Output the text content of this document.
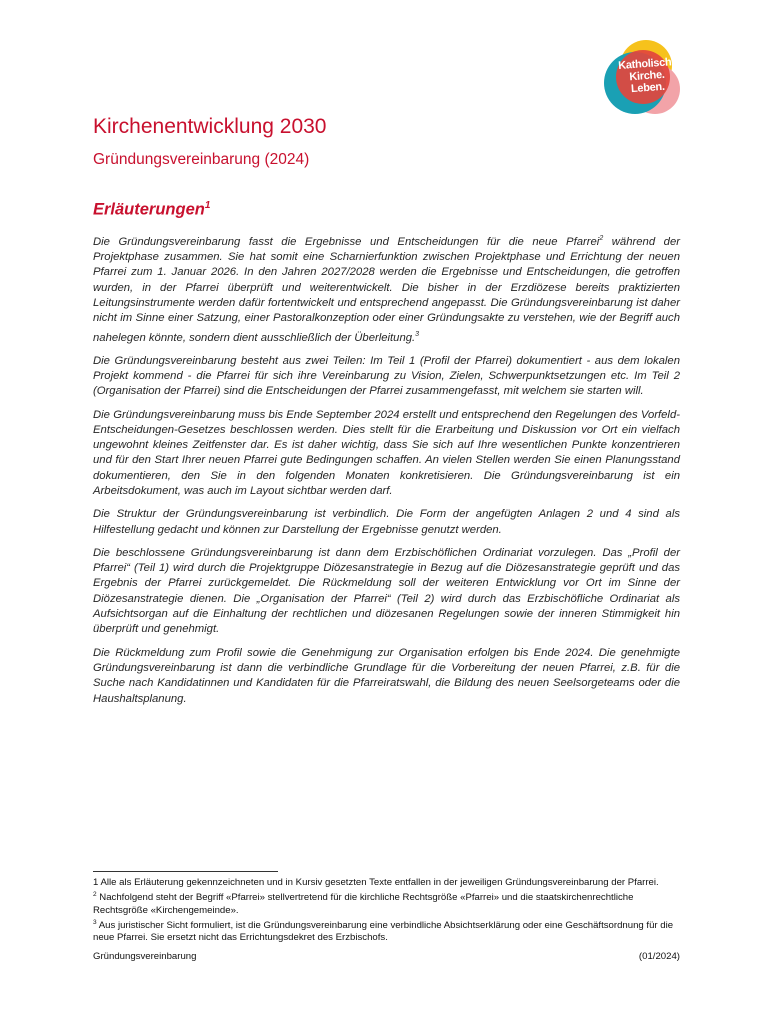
Katholisch.
Kirche.
Leben.
Kirchenentwicklung 2030
Gründungsvereinbarung (2024)
Erläuterungen$^1$

Die Gründungsvereinbarung fasst die Ergebnisse und Entscheidungen für die neue Pfarrei$^2$ während der Projektphase zusammen. Sie hat somit eine Scharnierfunktion zwischen Projektphase und Errichtung der neuen Pfarrei zum 1. Januar 2026. In den Jahren 2027/2028 werden die Ergebnisse und Entscheidungen, die getroffen wurden, in der Pfarrei überprüft und weiterentwickelt. Die bisher in der Erzdiözese bereits praktizierten Leitungsinstrumente werden dafür fortentwickelt und entsprechend angepasst. Die Gründungsvereinbarung ist daher nicht im Sinne einer Satzung, einer Pastoralkonzeption oder einer Gründungsakte zu verstehen, wie der Begriff auch nahelegen könnte, sondern dient ausschließlich der Überleitung.$^3$

Die Gründungsvereinbarung besteht aus zwei Teilen: Im Teil 1 (Profil der Pfarrei) dokumentiert - aus dem lokalen Projekt kommend - die Pfarrei für sich ihre Vereinbarung zu Vision, Zielen, Schwerpunktsetzungen etc. Im Teil 2 (Organisation der Pfarrei) sind die Entscheidungen der Pfarrei zusammengefasst, mit welchem sie starten will.

Die Gründungsvereinbarung muss bis Ende September 2024 erstellt und entsprechend den Regelungen des Vorfeld-Entscheidungen-Gesetzes beschlossen werden. Dies stellt für die Erarbeitung und Diskussion vor Ort ein vielfach ungewohnt kleines Zeitfenster dar. Es ist daher wichtig, dass Sie sich auf Ihre wesentlichen Punkte konzentrieren und für den Start Ihrer neuen Pfarrei gute Bedingungen schaffen. An vielen Stellen werden Sie einen Planungsstand dokumentieren, den Sie in den folgenden Monaten konkretisieren. Die Gründungsvereinbarung ist ein Arbeitsdokument, was auch im Layout sichtbar werden darf.

Die Struktur der Gründungsvereinbarung ist verbindlich. Die Form der angefügten Anlagen 2 und 4 sind als Hilfestellung gedacht und können zur Darstellung der Ergebnisse genutzt werden.

Die beschlossene Gründungsvereinbarung ist dann dem Erzbischöflichen Ordinariat vorzulegen. Das „Profil der Pfarrei“ (Teil 1) wird durch die Projektgruppe Diözesanstrategie in Bezug auf die Diözesanstrategie geprüft und das Ergebnis der Pfarrei zurückgemeldet. Die Rückmeldung soll der weiteren Entwicklung vor Ort im Sinne der Diözesanstrategie dienen. Die „Organisation der Pfarrei“ (Teil 2) wird durch das Erzbischöfliche Ordinariat als Aufsichtsorgan auf die Einhaltung der rechtlichen und diözesanen Regelungen sowie der inneren Stimmigkeit hin überprüft und genehmigt.

Die Rückmeldung zum Profil sowie die Genehmigung zur Organisation erfolgen bis Ende 2024. Die genehmigte Gründungsvereinbarung ist dann die verbindliche Grundlage für die Vorbereitung der neuen Pfarrei, z.B. für die Suche nach Kandidatinnen und Kandidaten für die Pfarreiratswahl, die Bildung des neuen Seelsorgeteams oder die Haushaltsplanung.

1 Alle als Erläuterung gekennzeichneten und in Kursiv gesetzten Texte entfallen in der jeweiligen Gründungsvereinbarung der Pfarrei.

$^2$ Nachfolgend steht der Begriff «Pfarrei» stellvertretend für die kirchliche Rechtsgröße «Pfarrei» und die staatskirchenrechtliche Rechtsgröße «Kirchengemeinde».

$^3$ Aus juristischer Sicht formuliert, ist die Gründungsvereinbarung eine verbindliche Absichtserklärung oder eine Geschäftsordnung für die neue Pfarrei. Sie ersetzt nicht das Errichtungsdekret des Erzbischofs.

Gründungsvereinbarung	(01/2024)
